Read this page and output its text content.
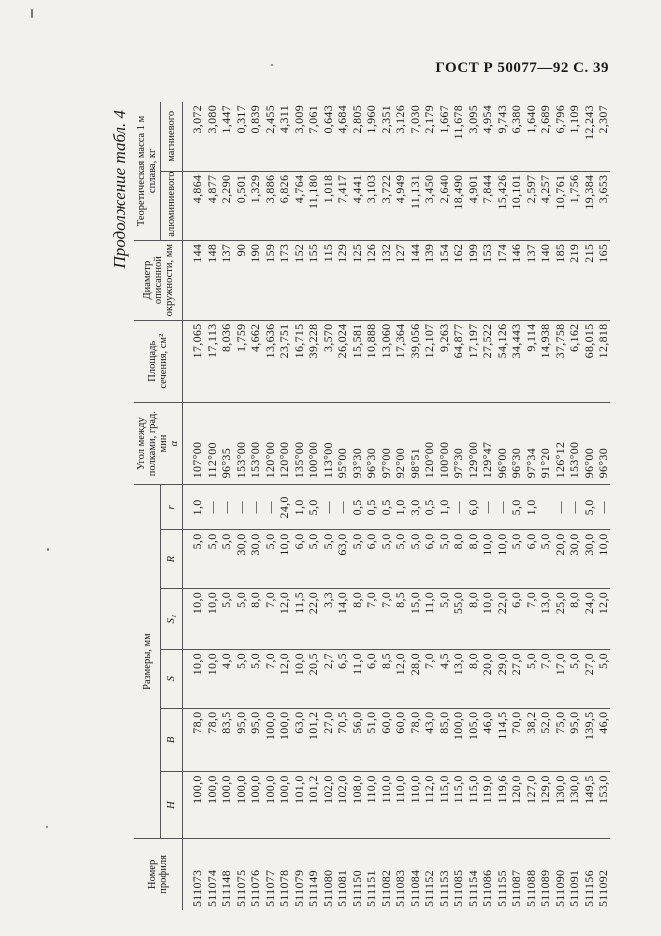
ГОСТ Р 50077—92 С. 39
Продолжение табл. 4
Номер профиля	Размеры, мм						Угол между полками, град. мин
α	Площадь сечения, см²	Диаметр описанной окружности, мм	Теоретическая масса 1 м сплава, кг	
	H	B	S	S₁	R	r				алюминиевого	магниевого
511073	100,0	78,0	10,0	10,0	5,0	1,0	107°00	17,065	144	4,864	3,072
511074	100,0	78,0	10,0	10,0	5,0	—	112°00	17,113	148	4,877	3,080
511148	100,0	83,5	4,0	5,0	5,0	—	96°35	8,036	137	2,290	1,447
511075	100,0	95,0	5,0	5,0	30,0	—	153°00	1,759	90	0,501	0,317
511076	100,0	95,0	5,0	8,0	30,0	—	153°00	4,662	190	1,329	0,839
511077	100,0	100,0	7,0	7,0	5,0	—	120°00	13,636	159	3,886	2,455
511078	100,0	100,0	12,0	12,0	10,0	24,0	120°00	23,751	173	6,826	4,311
511079	101,0	63,0	10,0	11,5	6,0	1,0	135°00	16,715	152	4,764	3,009
511149	101,2	101,2	20,5	22,0	5,0	5,0	100°00	39,228	155	11,180	7,061
511080	102,0	27,0	2,7	3,3	5,0	—	113°00	3,570	115	1,018	0,643
511081	102,0	70,5	6,5	14,0	63,0	—	95°00	26,024	129	7,417	4,684
511150	108,0	56,0	11,0	8,0	5,0	0,5	93°30	15,581	125	4,441	2,805
511151	110,0	51,0	6,0	7,0	6,0	0,5	96°30	10,888	126	3,103	1,960
511082	110,0	60,0	8,5	7,0	5,0	0,5	97°00	13,060	132	3,722	2,351
511083	110,0	60,0	12,0	8,5	5,0	1,0	92°00	17,364	127	4,949	3,126
511084	110,0	78,0	28,0	15,0	5,0	3,0	98°51	39,056	144	11,131	7,030
511152	112,0	43,0	7,0	11,0	6,0	0,5	120°00	12,107	139	3,450	2,179
511153	115,0	85,0	4,5	5,0	5,0	1,0	100°00	9,263	154	2,640	1,667
511085	115,0	100,0	13,0	55,0	8,0	—	97°30	64,877	162	18,490	11,678
511154	115,0	105,0	8,0	8,0	8,0	6,0	129°00	17,197	199	4,901	3,095
511086	119,0	46,0	20,0	10,0	10,0	—	129°47	27,522	153	7,844	4,954
511155	119,6	114,5	29,0	22,0	10,0	—	96°00	54,126	174	15,426	9,743
511087	120,0	70,0	27,0	6,0	5,0	5,0	96°30	34,443	146	10,101	6,380
511088	127,0	38,2	5,0	7,0	6,0	1,0	97°34	9,114	137	2,597	1,640
511089	129,0	52,0	7,0	13,0	5,0		91°20	14,938	140	4,257	2,689
511090	130,0	75,0	17,0	25,0	20,0	—	126°12	37,758	185	10,761	6,796
511091	130,0	95,0	5,0	8,0	30,0	—	153°00	6,162	219	1,756	1,109
511156	149,5	139,5	27,0	24,0	30,0	5,0	96°00	68,015	215	19,384	12,243
511092	153,0	46,0	5,0	12,0	10,0	—	96°30	12,818	165	3,653	2,307
